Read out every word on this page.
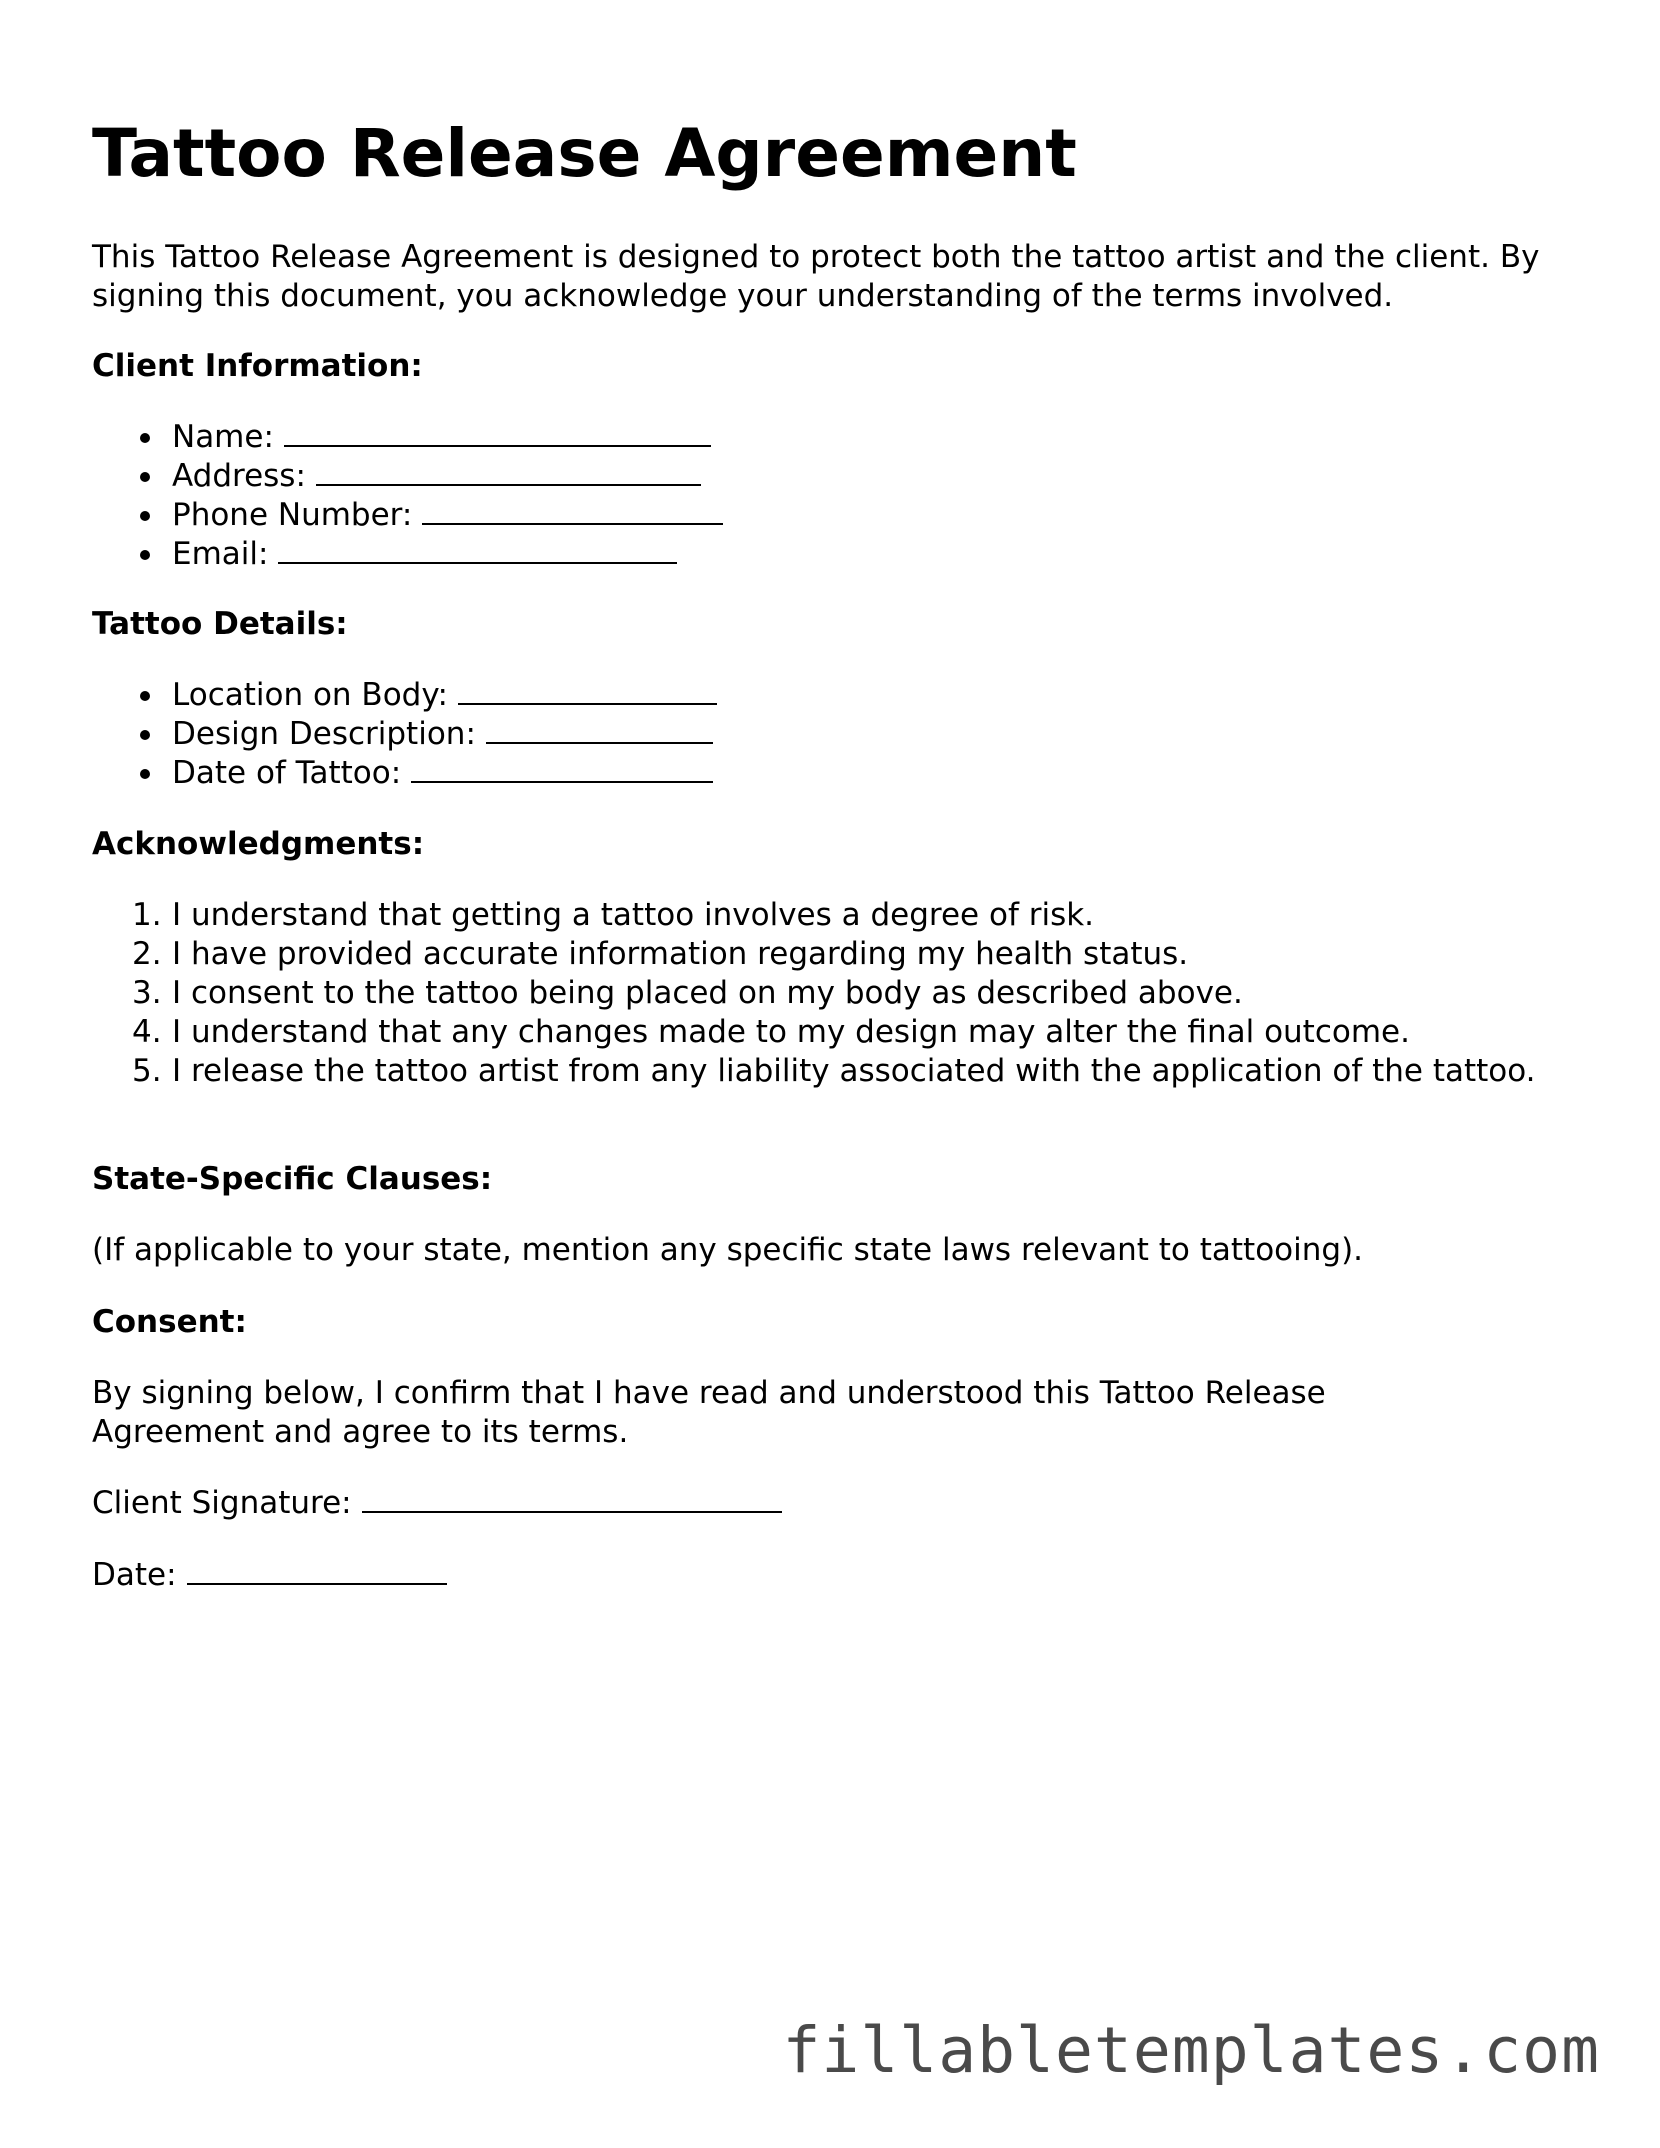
Tattoo Release Agreement

This Tattoo Release Agreement is designed to protect both the tattoo artist and the client. By signing this document, you acknowledge your understanding of the terms involved.

Client Information:
Name:
Address:
Phone Number:
Email:
Tattoo Details:
Location on Body:
Design Description:
Date of Tattoo:
Acknowledgments:
1. I understand that getting a tattoo involves a degree of risk.
2. I have provided accurate information regarding my health status.
3. I consent to the tattoo being placed on my body as described above.
4. I understand that any changes made to my design may alter the final outcome.
5. I release the tattoo artist from any liability associated with the application of the tattoo.
State-Specific Clauses:

(If applicable to your state, mention any specific state laws relevant to tattooing).

Consent:

By signing below, I confirm that I have read and understood this Tattoo Release Agreement and agree to its terms.

Client Signature:
Date:
fillabletemplates.com
